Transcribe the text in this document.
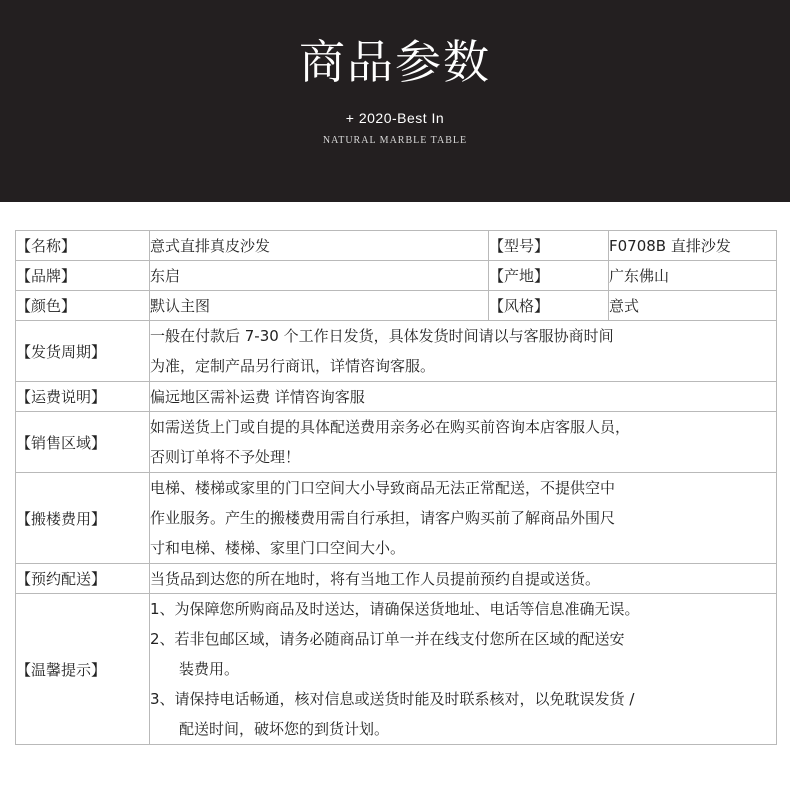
商品参数
+ 2020-Best In
NATURAL MARBLE TABLE
【名称】	意式直排真皮沙发	【型号】	F0708B 直排沙发
【品牌】	东启	【产地】	广东佛山
【颜色】	默认主图	【风格】	意式
【发货周期】	一般在付款后 7-30 个工作日发货，具体发货时间请以与客服协商时间
为准，定制产品另行商讯，详情咨询客服。		

【运费说明】	偏远地区需补运费 详情咨询客服		
【销售区域】	如需送货上门或自提的具体配送费用亲务必在购买前咨询本店客服人员，
否则订单将不予处理！		

【搬楼费用】	电梯、楼梯或家里的门口空间大小导致商品无法正常配送，不提供空中
作业服务。产生的搬楼费用需自行承担，请客户购买前了解商品外围尺
寸和电梯、楼梯、家里门口空间大小。		

【预约配送】	当货品到达您的所在地时，将有当地工作人员提前预约自提或送货。		
【温馨提示】	1、为保障您所购商品及时送达，请确保送货地址、电话等信息准确无误。
2、若非包邮区域，请务必随商品订单一并在线支付您所在区域的配送安
装费用。
3、请保持电话畅通，核对信息或送货时能及时联系核对，以免耽误发货 /
配送时间，破坏您的到货计划。		
